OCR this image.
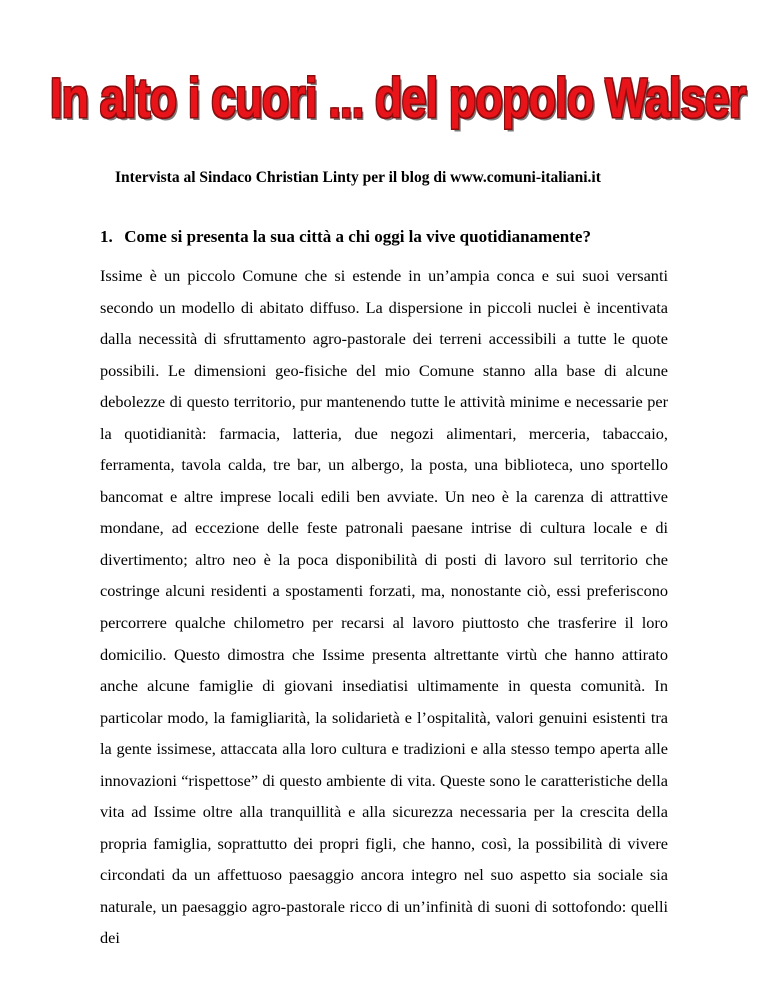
In alto i cuori ... del popolo Walser

Intervista al Sindaco Christian Linty per il blog di www.comuni-italiani.it

1. Come si presenta la sua città a chi oggi la vive quotidianamente?

Issime è un piccolo Comune che si estende in un’ampia conca e sui suoi versanti secondo un modello di abitato diffuso. La dispersione in piccoli nuclei è incentivata dalla necessità di sfruttamento agro-pastorale dei terreni accessibili a tutte le quote possibili. Le dimensioni geo-fisiche del mio Comune stanno alla base di alcune debolezze di questo territorio, pur mantenendo tutte le attività minime e necessarie per la quotidianità: farmacia, latteria, due negozi alimentari, merceria, tabaccaio, ferramenta, tavola calda, tre bar, un albergo, la posta, una biblioteca, uno sportello bancomat e altre imprese locali edili ben avviate. Un neo è la carenza di attrattive mondane, ad eccezione delle feste patronali paesane intrise di cultura locale e di divertimento; altro neo è la poca disponibilità di posti di lavoro sul territorio che costringe alcuni residenti a spostamenti forzati, ma, nonostante ciò, essi preferiscono percorrere qualche chilometro per recarsi al lavoro piuttosto che trasferire il loro domicilio. Questo dimostra che Issime presenta altrettante virtù che hanno attirato anche alcune famiglie di giovani insediatisi ultimamente in questa comunità. In particolar modo, la famigliarità, la solidarietà e l’ospitalità, valori genuini esistenti tra la gente issimese, attaccata alla loro cultura e tradizioni e alla stesso tempo aperta alle innovazioni “rispettose” di questo ambiente di vita. Queste sono le caratteristiche della vita ad Issime oltre alla tranquillità e alla sicurezza necessaria per la crescita della propria famiglia, soprattutto dei propri figli, che hanno, così, la possibilità di vivere circondati da un affettuoso paesaggio ancora integro nel suo aspetto sia sociale sia naturale, un paesaggio agro-pastorale ricco di un’infinità di suoni di sottofondo: quelli dei
